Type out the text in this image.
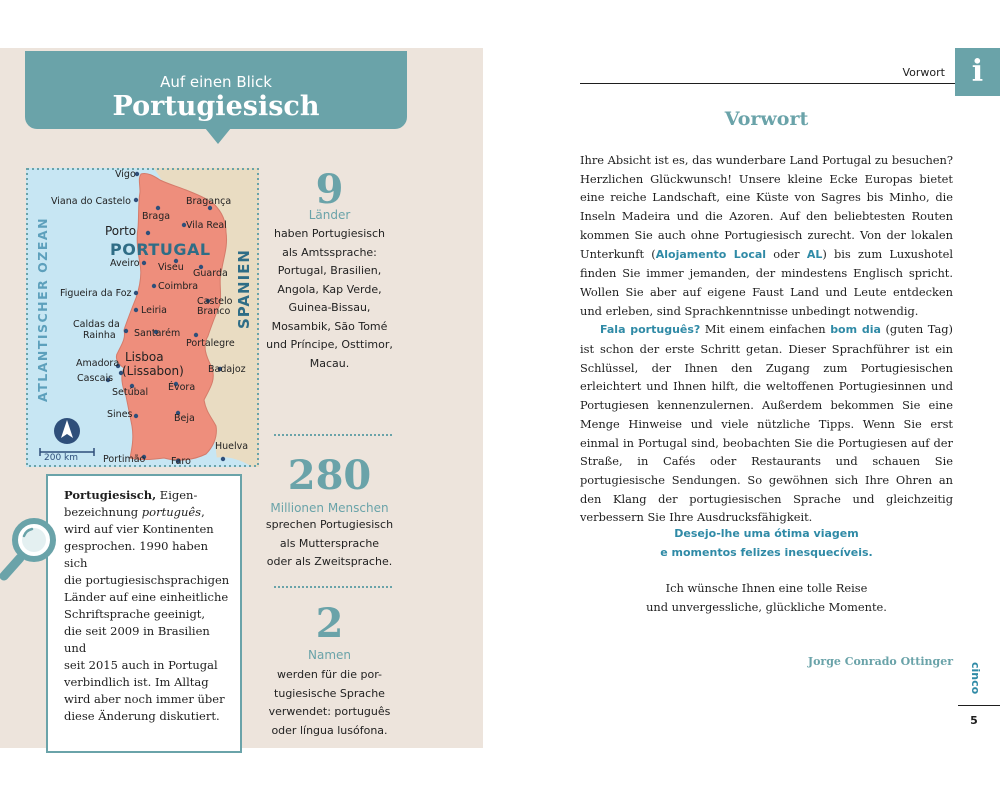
Auf einen Blick
Portugiesisch
ATLANTISCHER OZEAN	SPANIEN
PORTUGAL
200 km
Vigo
Viana do Castelo	Bragança
Braga
Vila Real
Porto
Aveiro Viseu
Guarda
Coimbra
Figueira da Foz
Castelo
Branco
Leiria
Caldas da
Rainha Santarém
Portalegre
Amadora Lisboa
(Lissabon)
Cascais
Badajoz
Setúbal Évora
Sines	Beja
Huelva
Portimão	Faro
9
Länder
haben Portugiesisch
als Amtssprache:
Portugal, Brasilien,
Angola, Kap Verde,
Guinea-Bissau,
Mosambik, São Tomé
und Príncipe, Osttimor,
Macau.
280
Millionen Menschen
sprechen Portugiesisch
als Muttersprache
oder als Zweitsprache.
2
Namen
werden für die por-
tugiesische Sprache
verwendet: português
oder língua lusófona.

Portugiesisch, Eigen-
bezeichnung português,
wird auf vier Kontinenten
gesprochen. 1990 haben sich
die portugiesischsprachigen
Länder auf eine einheitliche
Schriftsprache geeinigt,
die seit 2009 in Brasilien und
seit 2015 auch in Portugal
verbindlich ist. Im Alltag
wird aber noch immer über
diese Änderung diskutiert.

Vorwort i
Vorwort

Ihre Absicht ist es, das wunderbare Land Portugal zu besuchen? Herzlichen Glückwunsch! Unsere kleine Ecke Europas bietet eine reiche Landschaft, eine Küste von Sagres bis Minho, die Inseln Madeira und die Azoren. Auf den beliebtesten Routen kommen Sie auch ohne Portugiesisch zurecht. Von der lokalen Unterkunft (Alojamento Local oder AL) bis zum Luxushotel finden Sie immer jemanden, der mindestens Englisch spricht. Wollen Sie aber auf eigene Faust Land und Leute entdecken und erleben, sind Sprachkenntnisse unbedingt notwendig.

Fala português? Mit einem einfachen bom dia (guten Tag) ist schon der erste Schritt getan. Dieser Sprachführer ist ein Schlüssel, der Ihnen den Zugang zum Portugiesischen erleichtert und Ihnen hilft, die weltoffenen Portugiesinnen und Portugiesen kennenzulernen. Außerdem bekommen Sie eine Menge Hinweise und viele nützliche Tipps. Wenn Sie erst einmal in Portugal sind, beobachten Sie die Portugiesen auf der Straße, in Cafés oder Restaurants und schauen Sie portugiesische Sendungen. So gewöhnen sich Ihre Ohren an den Klang der portugiesischen Sprache und gleichzeitig verbessern Sie Ihre Ausdrucksfähigkeit.

Desejo-lhe uma ótima viagem
e momentos felizes inesquecíveis.
Ich wünsche Ihnen eine tolle Reise
und unvergessliche, glückliche Momente.
Jorge Conrado Ottinger
cinco
5
